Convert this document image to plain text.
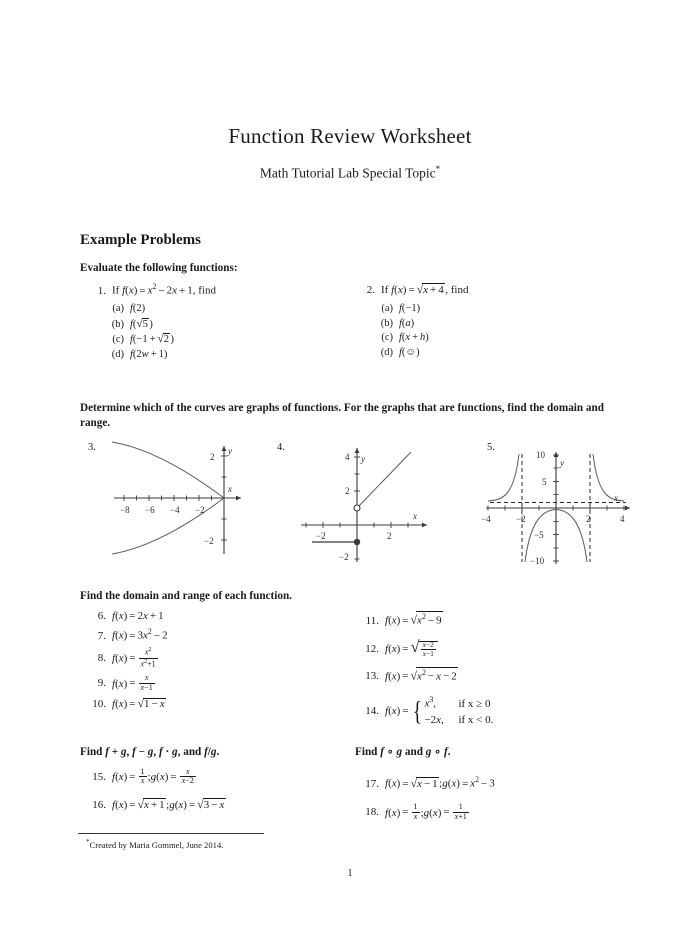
Function Review Worksheet
Math Tutorial Lab Special Topic*
Example Problems
Evaluate the following functions:
1. If $f(x) = x^2 - 2x + 1$, find
(a) f(2)
(b) f(√5 )
(c) f(−1 + √2 )
(d) f(2w + 1)
2. If f(x) = √x + 4 , find
(a) f(−1)
(b) f(a)
(c) f(x + h)
(d) f(☺)
Determine which of the curves are graphs of functions. For the graphs that are functions, find the domain and range.
3.
−8 −6 −4 −2
2
−2
x
y	4.
4
2
−2
−2	2
y
x
5.
10
5
−5
−10
−4	−2	2	4
y
x
Find the domain and range of each function.
6. f(x) = 2x + 1
7. $f(x) = 3x^2 - 2$
8. $f(x) = \frac{x^2}{x^2+1}$
9. $f(x) = \frac{x}{x-1}$
10. f(x) = √1 − x
11. $f(x) = √x^2 - 9$
12. f(x) = √ $\frac{x-2}{x-1}$
13. $f(x) = √x^2 - x - 2$
14. f(x) = { $x^3$, if x ≥ 0
−2x, if x < 0.
Find f + g, f − g, f · g, and f/g.	Find f ∘ g and g ∘ f.
15. $f(x) = \frac{1}{x}$ ;g(x) = $\frac{x}{x-2}$
16. f(x) = √x + 1 ;g(x) = √3 − x
17. f(x) = √x − 1 ;g(x) = $x^2 - 3$
18. $f(x) = \frac{1}{x}$ ;g(x) = $\frac{1}{x+1}$
*Created by Maria Gommel, June 2014.
1
